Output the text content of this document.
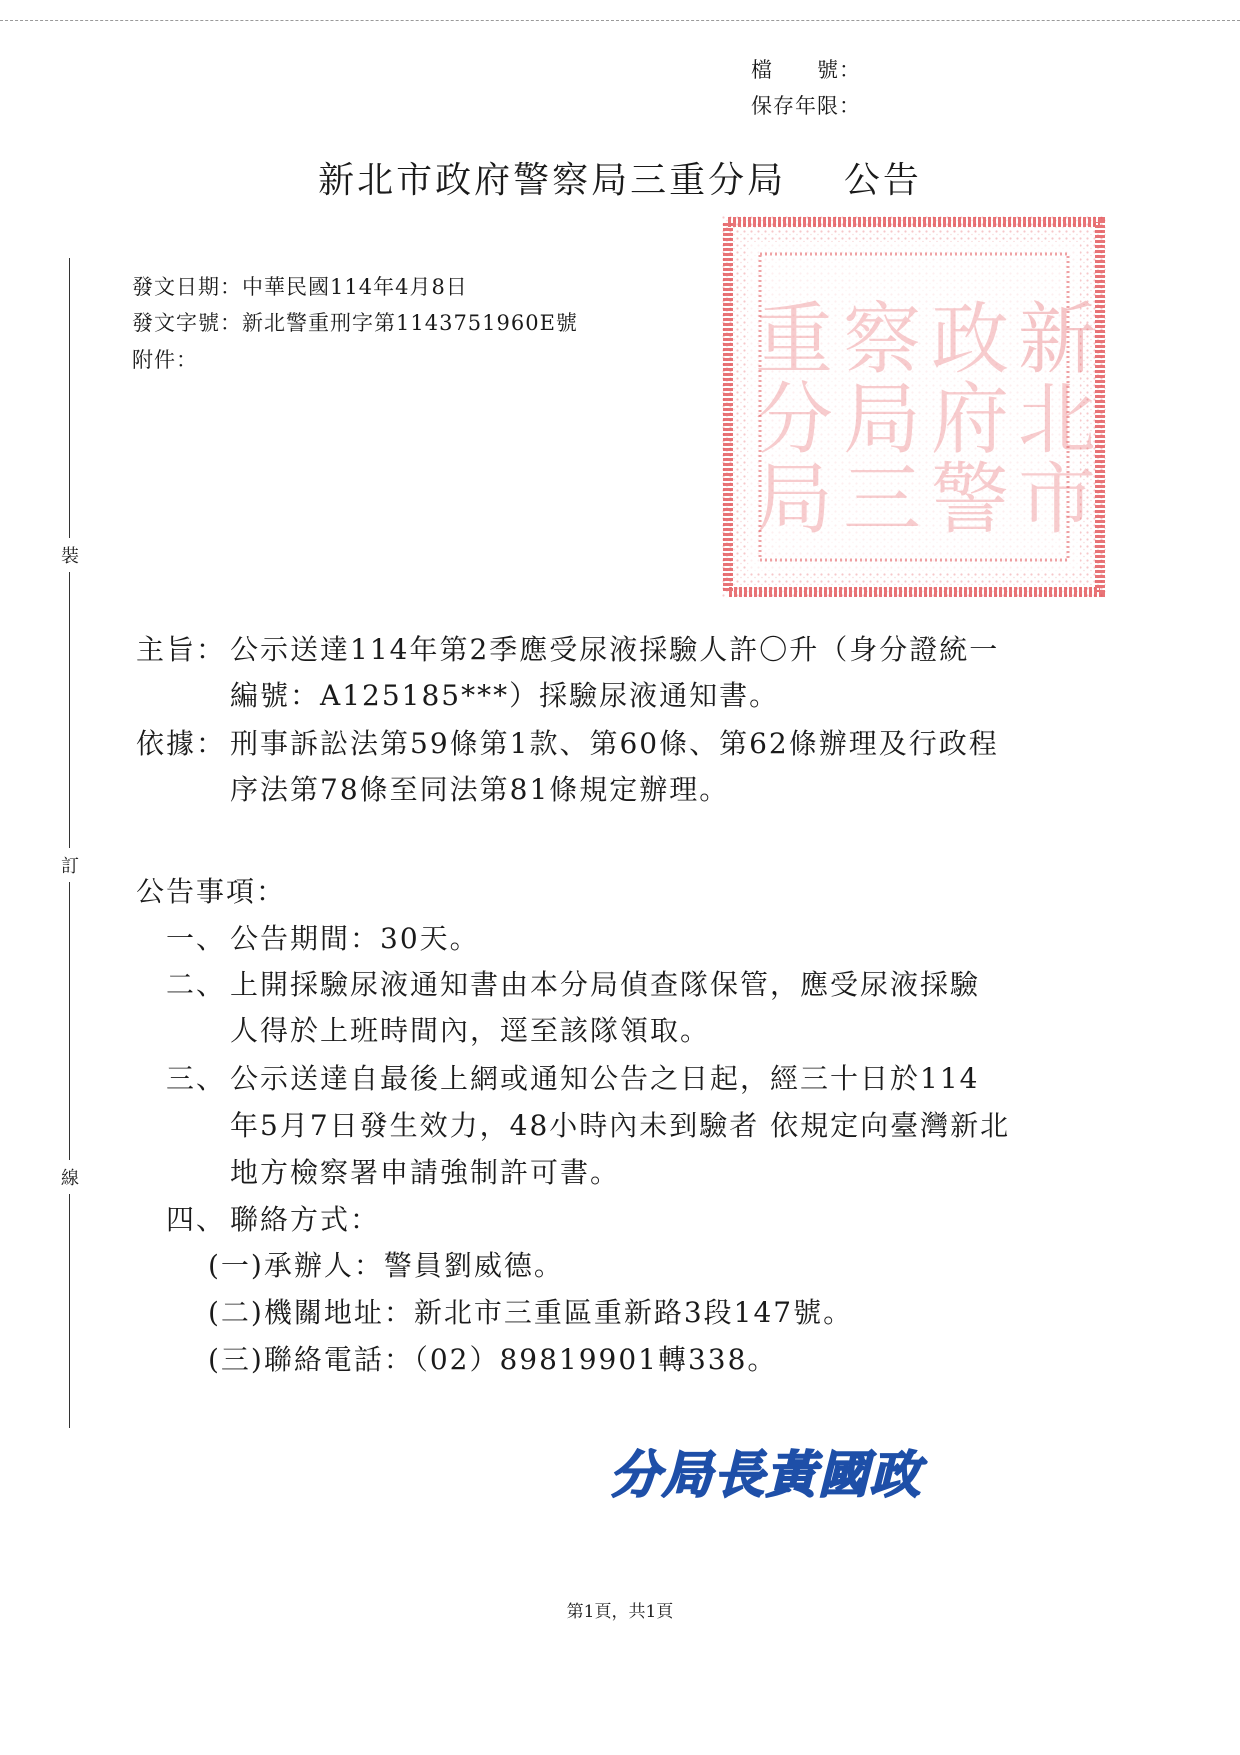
檔　　號：
保存年限：
新北市政府警察局三重分局 公告
裝
訂
線
發文日期：中華民國114年4月8日
發文字號：新北警重刑字第1143751960E號
附件：	新
北
市
政
府
警
察
局
三
重
分
局
主旨： 公示送達114年第2季應受尿液採驗人許〇升（身分證統一
編號：A125185***）採驗尿液通知書。
依據： 刑事訴訟法第59條第1款、第60條、第62條辦理及行政程
序法第78條至同法第81條規定辦理。
公告事項：
一、 公告期間：30天。
二、 上開採驗尿液通知書由本分局偵查隊保管，應受尿液採驗
人得於上班時間內，逕至該隊領取。
三、 公示送達自最後上網或通知公告之日起，經三十日於114
年5月7日發生效力，48小時內未到驗者 依規定向臺灣新北
地方檢察署申請強制許可書。
四、 聯絡方式：
(一)承辦人：警員劉威德。
(二)機關地址：新北市三重區重新路3段147號。
(三)聯絡電話：（02）89819901轉338。
分局長黃國政
第1頁，共1頁
